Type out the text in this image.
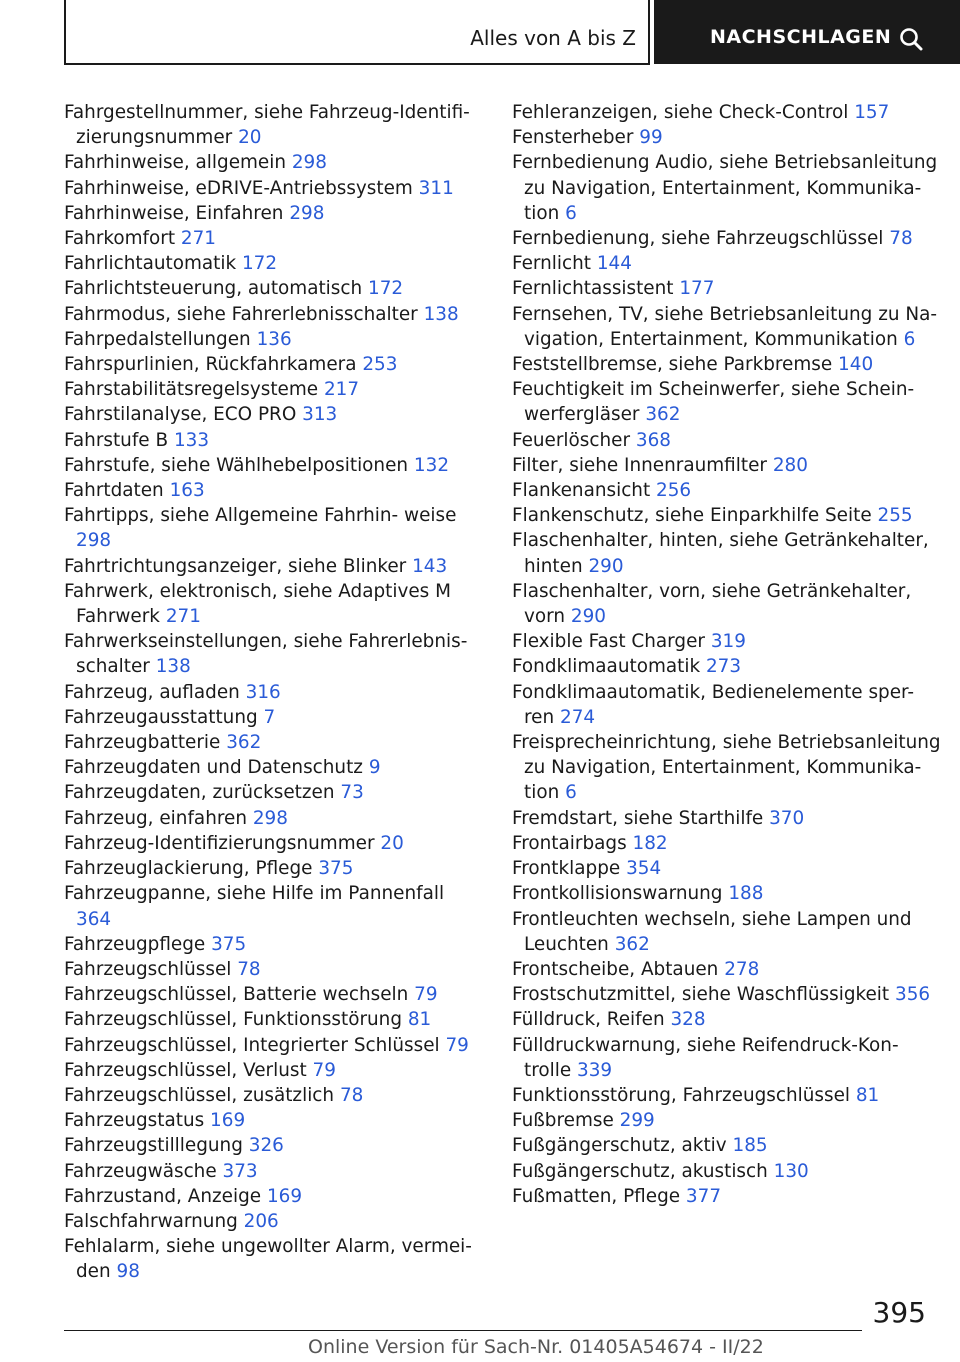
Alles von A bis Z	NACHSCHLAGEN
Fahrgestellnummer, siehe Fahrzeug-Identifi- zierungsnummer 20
Fahrhinweise, allgemein 298
Fahrhinweise, eDRIVE-Antriebssystem 311
Fahrhinweise, Einfahren 298
Fahrkomfort 271
Fahrlichtautomatik 172
Fahrlichtsteuerung, automatisch 172
Fahrmodus, siehe Fahrerlebnisschalter 138
Fahrpedalstellungen 136
Fahrspurlinien, Rückfahrkamera 253
Fahrstabilitätsregelsysteme 217
Fahrstilanalyse, ECO PRO 313
Fahrstufe B 133
Fahrstufe, siehe Wählhebelpositionen 132
Fahrtdaten 163
Fahrtipps, siehe Allgemeine Fahrhin- weise 298
Fahrtrichtungsanzeiger, siehe Blinker 143
Fahrwerk, elektronisch, siehe Adaptives M Fahrwerk 271
Fahrwerkseinstellungen, siehe Fahrerlebnis- schalter 138
Fahrzeug, aufladen 316
Fahrzeugausstattung 7
Fahrzeugbatterie 362
Fahrzeugdaten und Datenschutz 9
Fahrzeugdaten, zurücksetzen 73
Fahrzeug, einfahren 298
Fahrzeug-Identifizierungsnummer 20
Fahrzeuglackierung, Pflege 375
Fahrzeugpanne, siehe Hilfe im Pannenfall 364
Fahrzeugpflege 375
Fahrzeugschlüssel 78
Fahrzeugschlüssel, Batterie wechseln 79
Fahrzeugschlüssel, Funktionsstörung 81
Fahrzeugschlüssel, Integrierter Schlüssel 79
Fahrzeugschlüssel, Verlust 79
Fahrzeugschlüssel, zusätzlich 78
Fahrzeugstatus 169
Fahrzeugstilllegung 326
Fahrzeugwäsche 373
Fahrzustand, Anzeige 169
Falschfahrwarnung 206
Fehlalarm, siehe ungewollter Alarm, vermei- den 98
Fehleranzeigen, siehe Check-Control 157
Fensterheber 99
Fernbedienung Audio, siehe Betriebsanleitung zu Navigation, Entertainment, Kommunika- tion 6
Fernbedienung, siehe Fahrzeugschlüssel 78
Fernlicht 144
Fernlichtassistent 177
Fernsehen, TV, siehe Betriebsanleitung zu Na- vigation, Entertainment, Kommunikation 6
Feststellbremse, siehe Parkbremse 140
Feuchtigkeit im Scheinwerfer, siehe Schein- werfergläser 362
Feuerlöscher 368
Filter, siehe Innenraumfilter 280
Flankenansicht 256
Flankenschutz, siehe Einparkhilfe Seite 255
Flaschenhalter, hinten, siehe Getränkehalter, hinten 290
Flaschenhalter, vorn, siehe Getränkehalter, vorn 290
Flexible Fast Charger 319
Fondklimaautomatik 273
Fondklimaautomatik, Bedienelemente sper- ren 274
Freisprecheinrichtung, siehe Betriebsanleitung zu Navigation, Entertainment, Kommunika- tion 6
Fremdstart, siehe Starthilfe 370
Frontairbags 182
Frontklappe 354
Frontkollisionswarnung 188
Frontleuchten wechseln, siehe Lampen und Leuchten 362
Frontscheibe, Abtauen 278
Frostschutzmittel, siehe Waschflüssigkeit 356
Fülldruck, Reifen 328
Fülldruckwarnung, siehe Reifendruck-Kon- trolle 339
Funktionsstörung, Fahrzeugschlüssel 81
Fußbremse 299
Fußgängerschutz, aktiv 185
Fußgängerschutz, akustisch 130
Fußmatten, Pflege 377
395
Online Version für Sach-Nr. 01405A54674 - II/22
